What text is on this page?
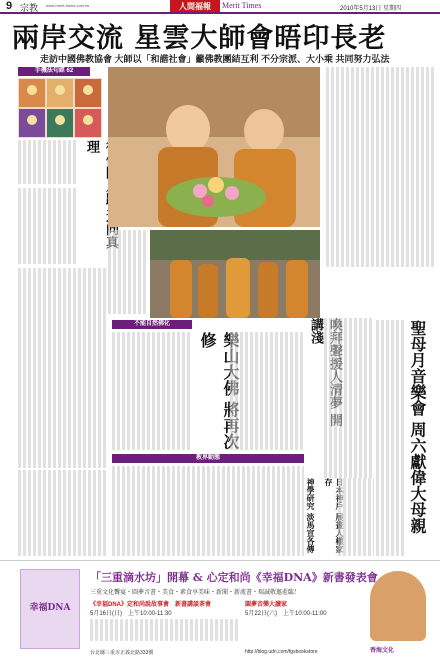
9 宗教 www.merit-times.com.tw	人間福報	Merit Times	2010年5月13日 星期四
兩岸交流 星雲大師會晤印長老
走訪中國佛教協會 大師以「和諧社會」籲佛教團結互利 不分宗派、大小乘 共同努力弘法
手機法句經 62
理
不能自然佛化
修
教界動態
講淺	聖母月音樂會 周六獻偉大母親
神學研究 淡馬宣各傳 存
幸福DNA
「三重滴水坊」開幕 & 心定和尚《幸福DNA》新書發表會
三重文化饗宴・圓夢音書・美食・素食享美味・新聞・新流書・瑞誠敬邀蒞臨！
《幸福DNA》定和尚說故事會　新書講談茶會
5月16日(日)　上午10:00-11:30
圓夢音樂大讀家
5月22日(六)　上午10:00-11:00
台北縣三重市正義北路333號	http://blog.udn.com/fgsbookstore	香海文化
